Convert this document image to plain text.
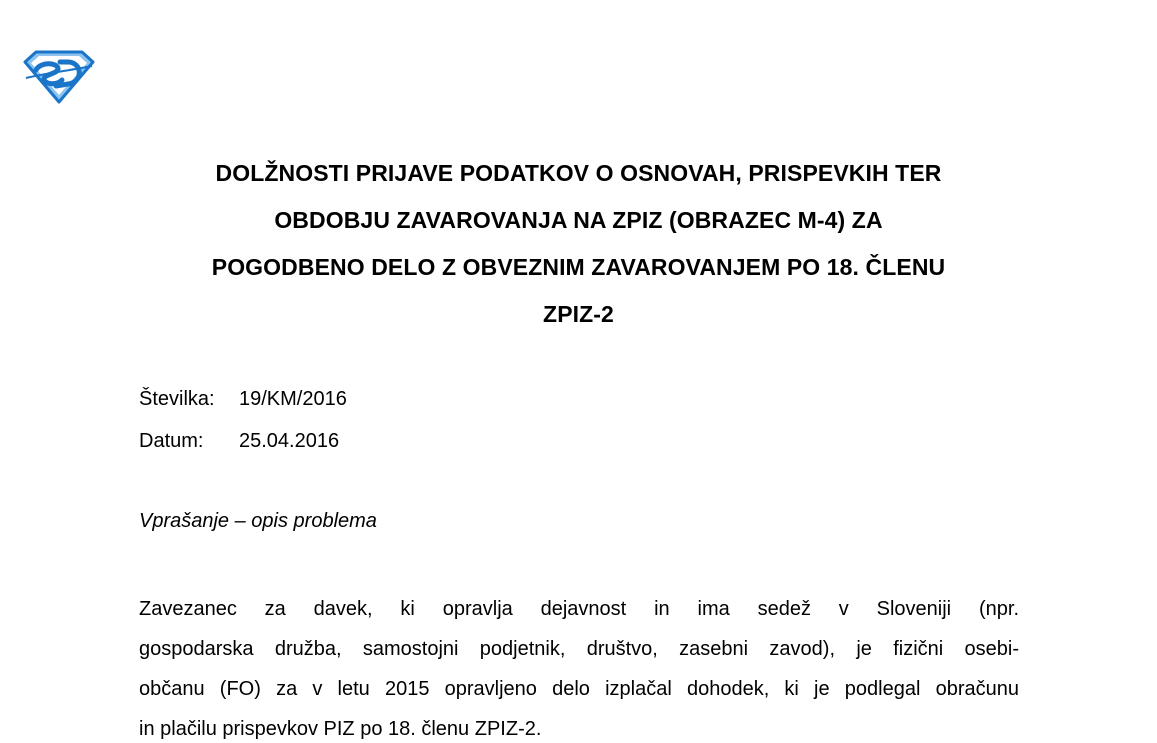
DOLŽNOSTI PRIJAVE PODATKOV O OSNOVAH, PRISPEVKIH TER
OBDOBJU ZAVAROVANJA NA ZPIZ (OBRAZEC M-4) ZA
POGODBENO DELO Z OBVEZNIM ZAVAROVANJEM PO 18. ČLENU
ZPIZ-2
Številka: 19/KM/2016
Datum: 25.04.2016
Vprašanje – opis problema
Zavezanec za davek, ki opravlja dejavnost in ima sedež v Sloveniji (npr.
gospodarska družba, samostojni podjetnik, društvo, zasebni zavod), je fizični osebi-
občanu (FO) za v letu 2015 opravljeno delo izplačal dohodek, ki je podlegal obračunu
in plačilu prispevkov PIZ po 18. členu ZPIZ-2.
